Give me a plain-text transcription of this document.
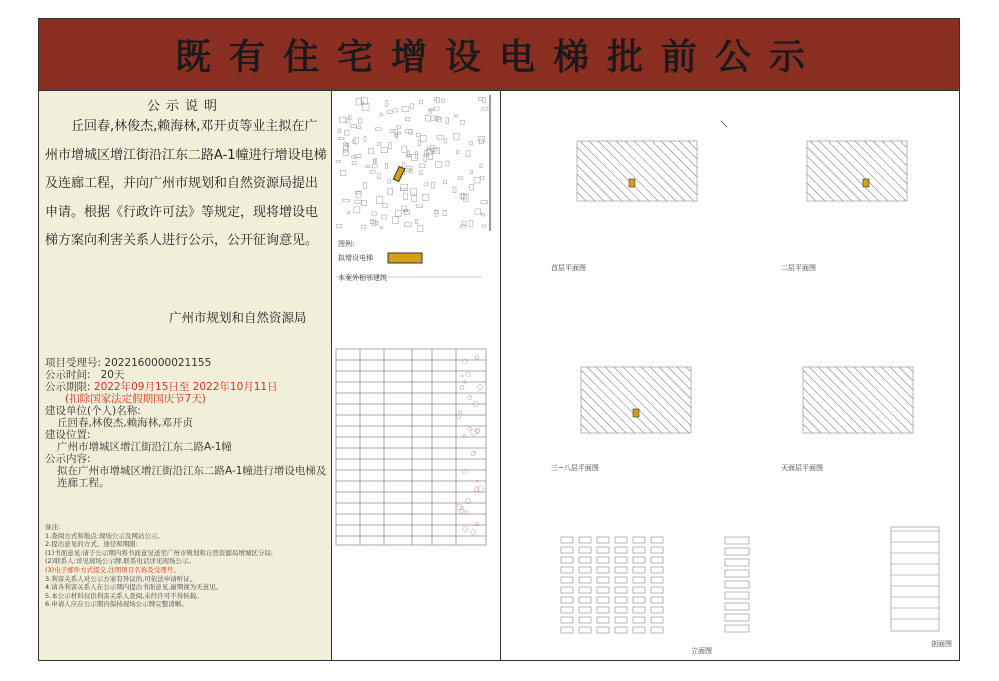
既有住宅增设电梯批前公示
公示说明

丘回春,林俊杰,赖海林,邓开贞等业主拟在广州市增城区增江街沿江东二路A-1幢进行增设电梯及连廊工程，并向广州市规划和自然资源局提出申请。根据《行政许可法》等规定，现将增设电梯方案向利害关系人进行公示，公开征询意见。

广州市规划和自然资源局
项目受理号: 2022160000021155
公示时间: 20天
公示期限: 2022年09月15日至 2022年10月11日
(扣除国家法定假期国庆节7天)
建设单位(个人)名称:
丘回春,林俊杰,赖海林,邓开贞
建设位置:
广州市增城区增江街沿江东二路A-1幢
公示内容:
拟在广州市增城区增江街沿江东二路A-1幢进行增设电梯及连廊工程。
备注:
1.查阅方式和地点:现场公示及网站公示。
2.提出意见的方式、途径和期限:
(1)书面意见:请于公示期内将书面意见送至广州市规划和自然资源局增城区分局;
(2)联系人:详见现场公示牌,联系电话详见现场公示。
(3)电子邮件方式提交,注明项目名称及受理号。
3.利害关系人对公示方案有异议的,可依法申请听证。
4.请各利害关系人在公示期内提出书面意见,逾期视为无意见。
5.本公示材料仅供利害关系人查阅,未经许可不得转载。
6.申请人应在公示期内保持现场公示牌完整清晰。
图例:
拟增设电梯
本案外相邻建筑
首层平面图	二层平面图
三~八层平面图	天面层平面图
立面图
剖面图
